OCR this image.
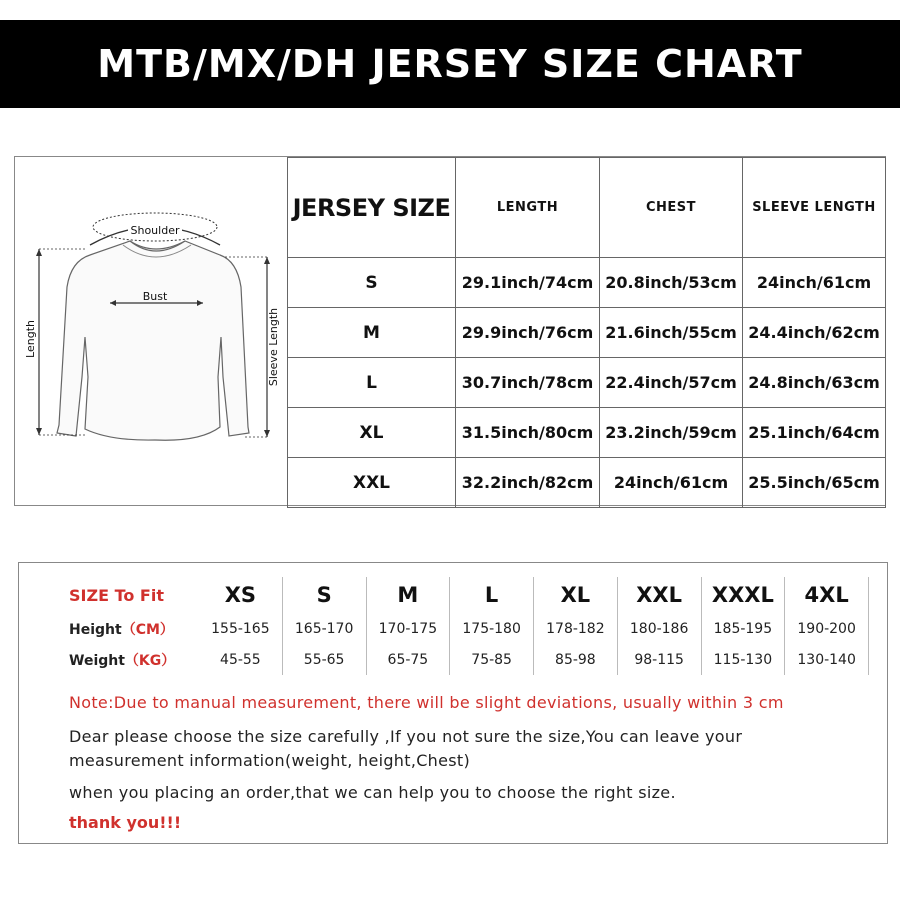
MTB/MX/DH JERSEY SIZE CHART
Shoulder
Bust
Length	Sleeve Length
JERSEY SIZE	LENGTH	CHEST	SLEEVE LENGTH
S	29.1inch/74cm	20.8inch/53cm	24inch/61cm
M	29.9inch/76cm	21.6inch/55cm	24.4inch/62cm
L	30.7inch/78cm	22.4inch/57cm	24.8inch/63cm
XL	31.5inch/80cm	23.2inch/59cm	25.1inch/64cm
XXL	32.2inch/82cm	24inch/61cm	25.5inch/65cm
SIZE To Fit	XS	S	M	L	XL	XXL	XXXL	4XL
Height（CM）	155-165	165-170	170-175	175-180	178-182	180-186	185-195	190-200
Weight（KG）	45-55	55-65	65-75	75-85	85-98	98-115	115-130	130-140
Note:Due to manual measurement, there will be slight deviations, usually within 3 cm
Dear please choose the size carefully ,If you not sure the size,You can leave your
measurement information(weight, height,Chest)
when you placing an order,that we can help you to choose the right size.
thank you!!!
